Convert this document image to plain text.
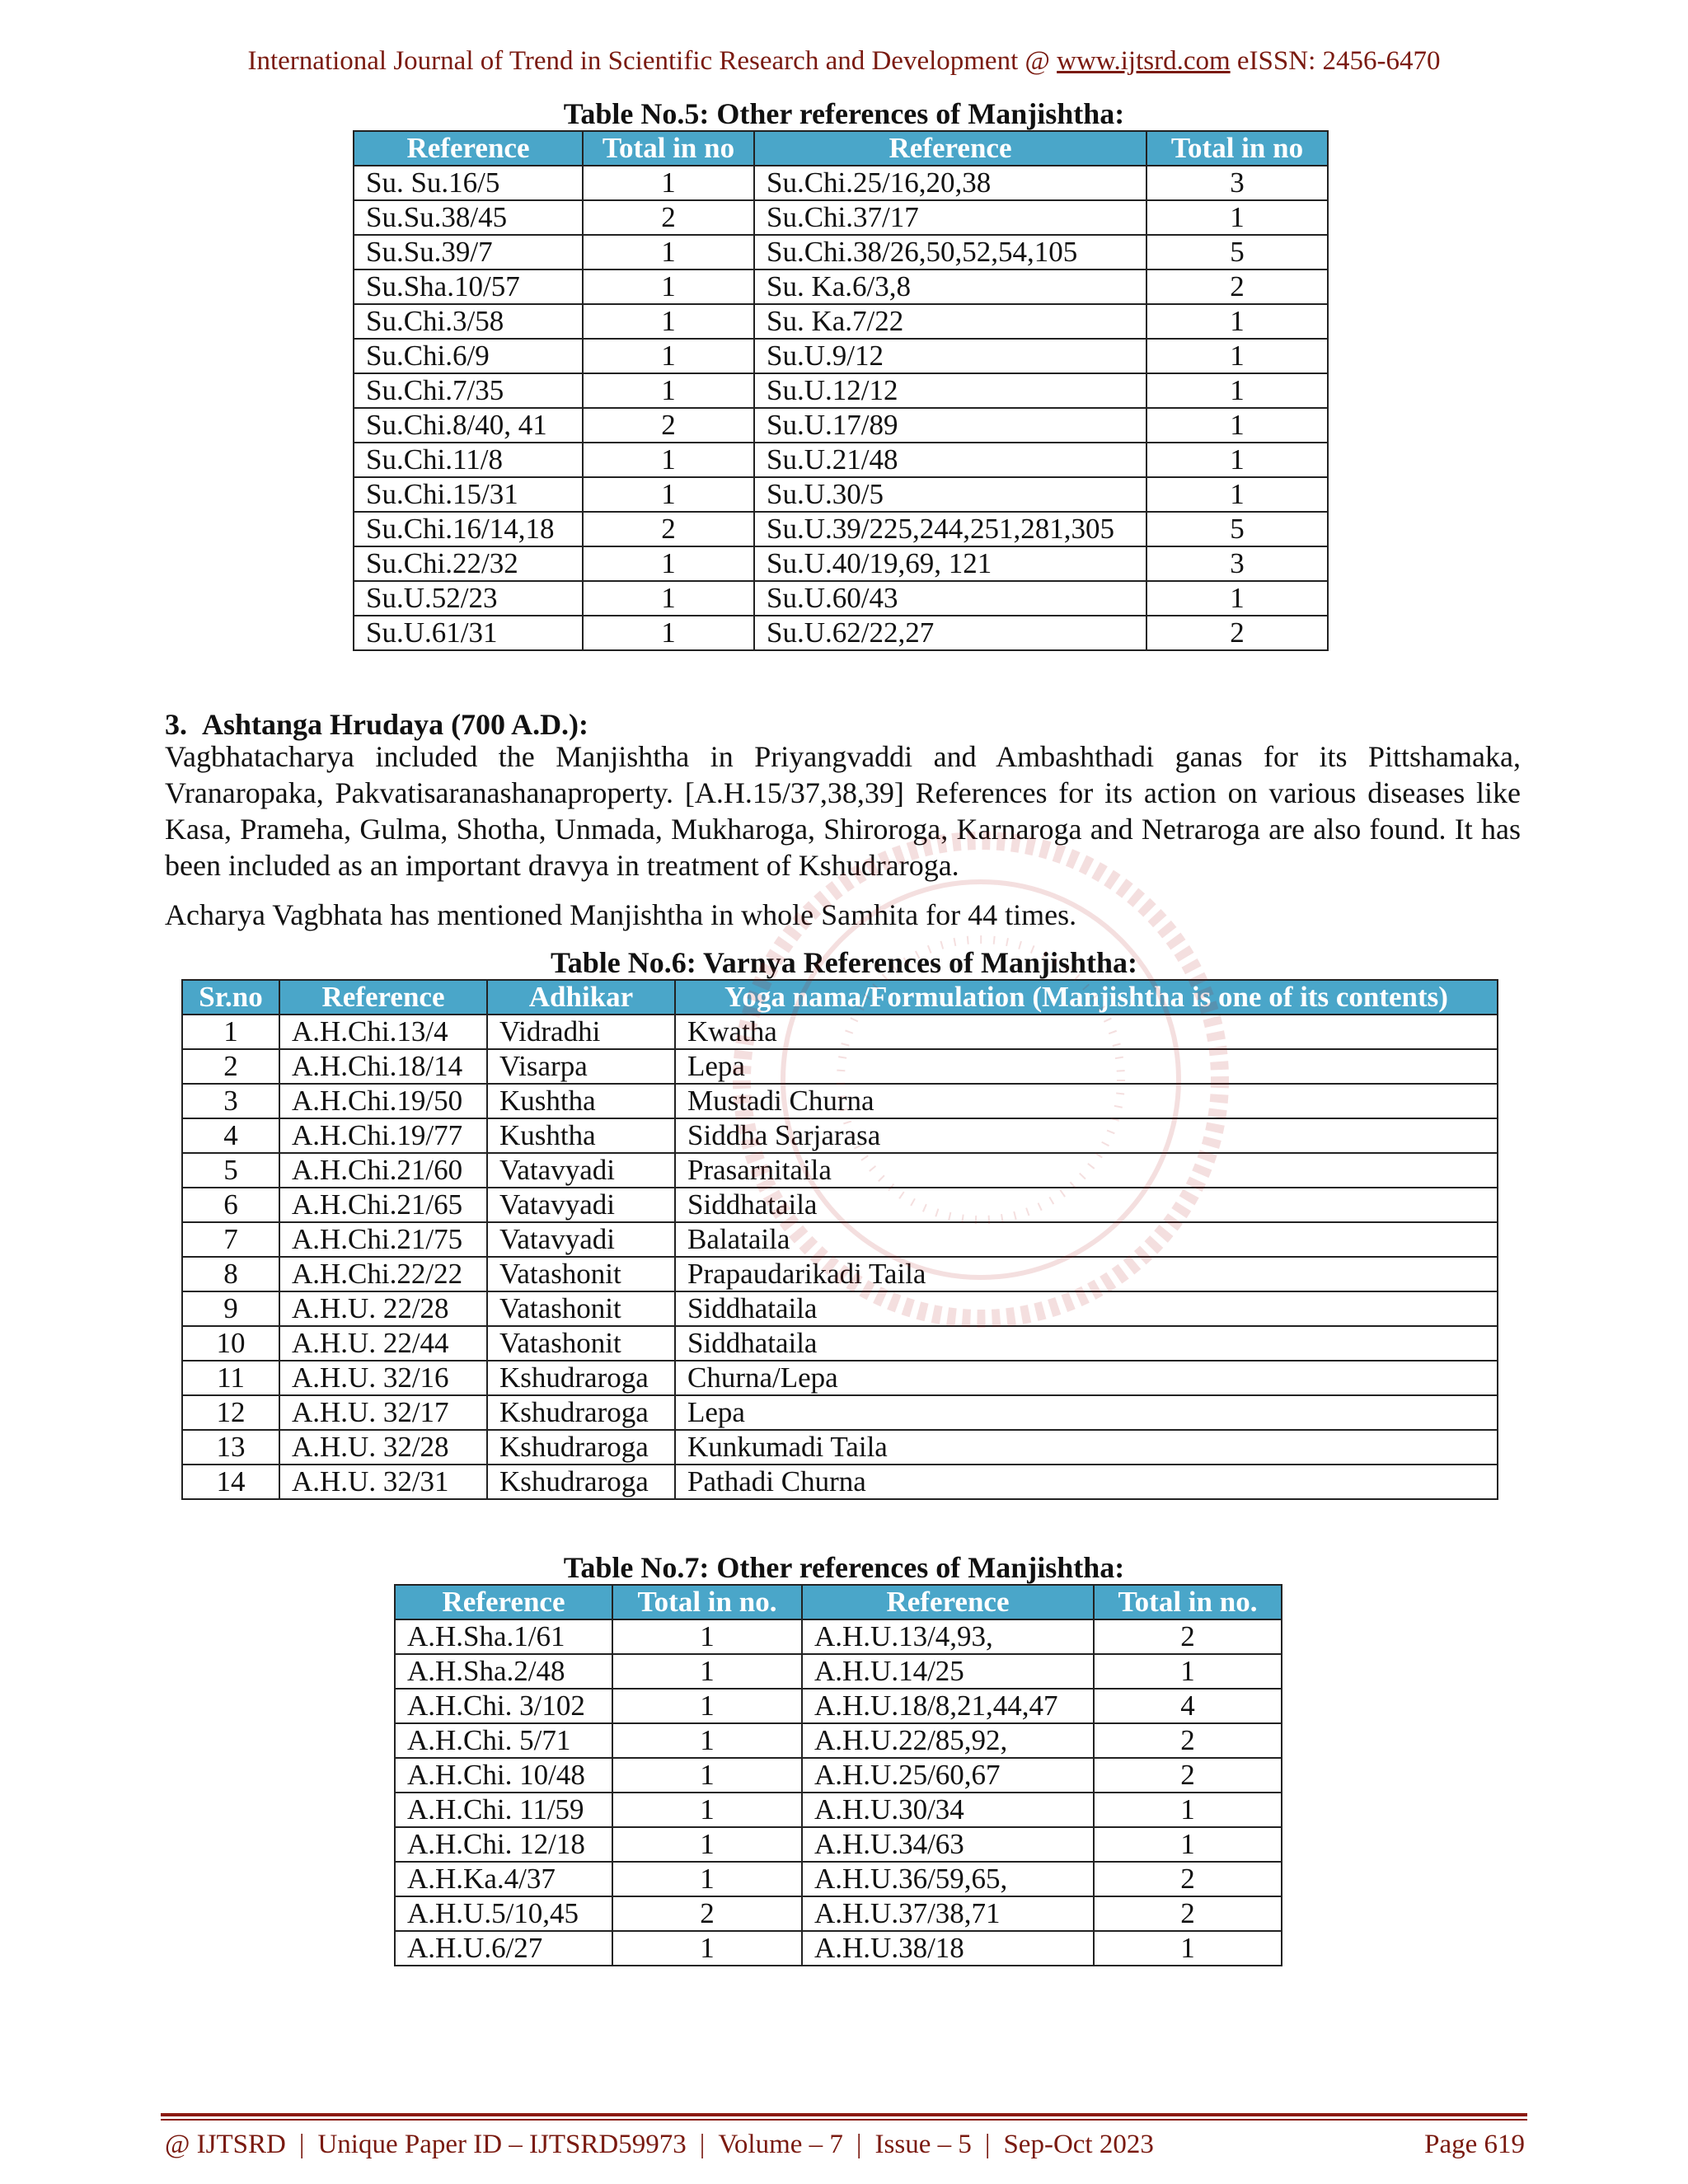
International Journal of Trend in Scientific Research and Development @ www.ijtsrd.com eISSN: 2456-6470
Table No.5: Other references of Manjishtha:
Reference	Total in no	Reference	Total in no
Su. Su.16/5	1	Su.Chi.25/16,20,38	3
Su.Su.38/45	2	Su.Chi.37/17	1
Su.Su.39/7	1	Su.Chi.38/26,50,52,54,105	5
Su.Sha.10/57	1	Su. Ka.6/3,8	2
Su.Chi.3/58	1	Su. Ka.7/22	1
Su.Chi.6/9	1	Su.U.9/12	1
Su.Chi.7/35	1	Su.U.12/12	1
Su.Chi.8/40, 41	2	Su.U.17/89	1
Su.Chi.11/8	1	Su.U.21/48	1
Su.Chi.15/31	1	Su.U.30/5	1
Su.Chi.16/14,18	2	Su.U.39/225,244,251,281,305	5
Su.Chi.22/32	1	Su.U.40/19,69, 121	3
Su.U.52/23	1	Su.U.60/43	1
Su.U.61/31	1	Su.U.62/22,27	2
3.  Ashtanga Hrudaya (700 A.D.):

Vagbhatacharya included the Manjishtha in Priyangvaddi and Ambashthadi ganas for its Pittshamaka, Vranaropaka, Pakvatisaranashanaproperty. [A.H.15/37,38,39] References for its action on various diseases like Kasa, Prameha, Gulma, Shotha, Unmada, Mukharoga, Shiroroga, Karnaroga and Netraroga are also found. It has been included as an important dravya in treatment of Kshudraroga.

Acharya Vagbhata has mentioned Manjishtha in whole Samhita for 44 times.

Table No.6: Varnya References of Manjishtha:
Sr.no	Reference	Adhikar	Yoga nama/Formulation (Manjishtha is one of its contents)
1	A.H.Chi.13/4	Vidradhi	Kwatha
2	A.H.Chi.18/14	Visarpa	Lepa
3	A.H.Chi.19/50	Kushtha	Mustadi Churna
4	A.H.Chi.19/77	Kushtha	Siddha Sarjarasa
5	A.H.Chi.21/60	Vatavyadi	Prasarnitaila
6	A.H.Chi.21/65	Vatavyadi	Siddhataila
7	A.H.Chi.21/75	Vatavyadi	Balataila
8	A.H.Chi.22/22	Vatashonit	Prapaudarikadi Taila
9	A.H.U. 22/28	Vatashonit	Siddhataila
10	A.H.U. 22/44	Vatashonit	Siddhataila
11	A.H.U. 32/16	Kshudraroga	Churna/Lepa
12	A.H.U. 32/17	Kshudraroga	Lepa
13	A.H.U. 32/28	Kshudraroga	Kunkumadi Taila
14	A.H.U. 32/31	Kshudraroga	Pathadi Churna
Table No.7: Other references of Manjishtha:
Reference	Total in no.	Reference	Total in no.
A.H.Sha.1/61	1	A.H.U.13/4,93,	2
A.H.Sha.2/48	1	A.H.U.14/25	1
A.H.Chi. 3/102	1	A.H.U.18/8,21,44,47	4
A.H.Chi. 5/71	1	A.H.U.22/85,92,	2
A.H.Chi. 10/48	1	A.H.U.25/60,67	2
A.H.Chi. 11/59	1	A.H.U.30/34	1
A.H.Chi. 12/18	1	A.H.U.34/63	1
A.H.Ka.4/37	1	A.H.U.36/59,65,	2
A.H.U.5/10,45	2	A.H.U.37/38,71	2
A.H.U.6/27	1	A.H.U.38/18	1
@ IJTSRD | Unique Paper ID – IJTSRD59973 | Volume – 7 | Issue – 5 | Sep-Oct 2023	Page 619
